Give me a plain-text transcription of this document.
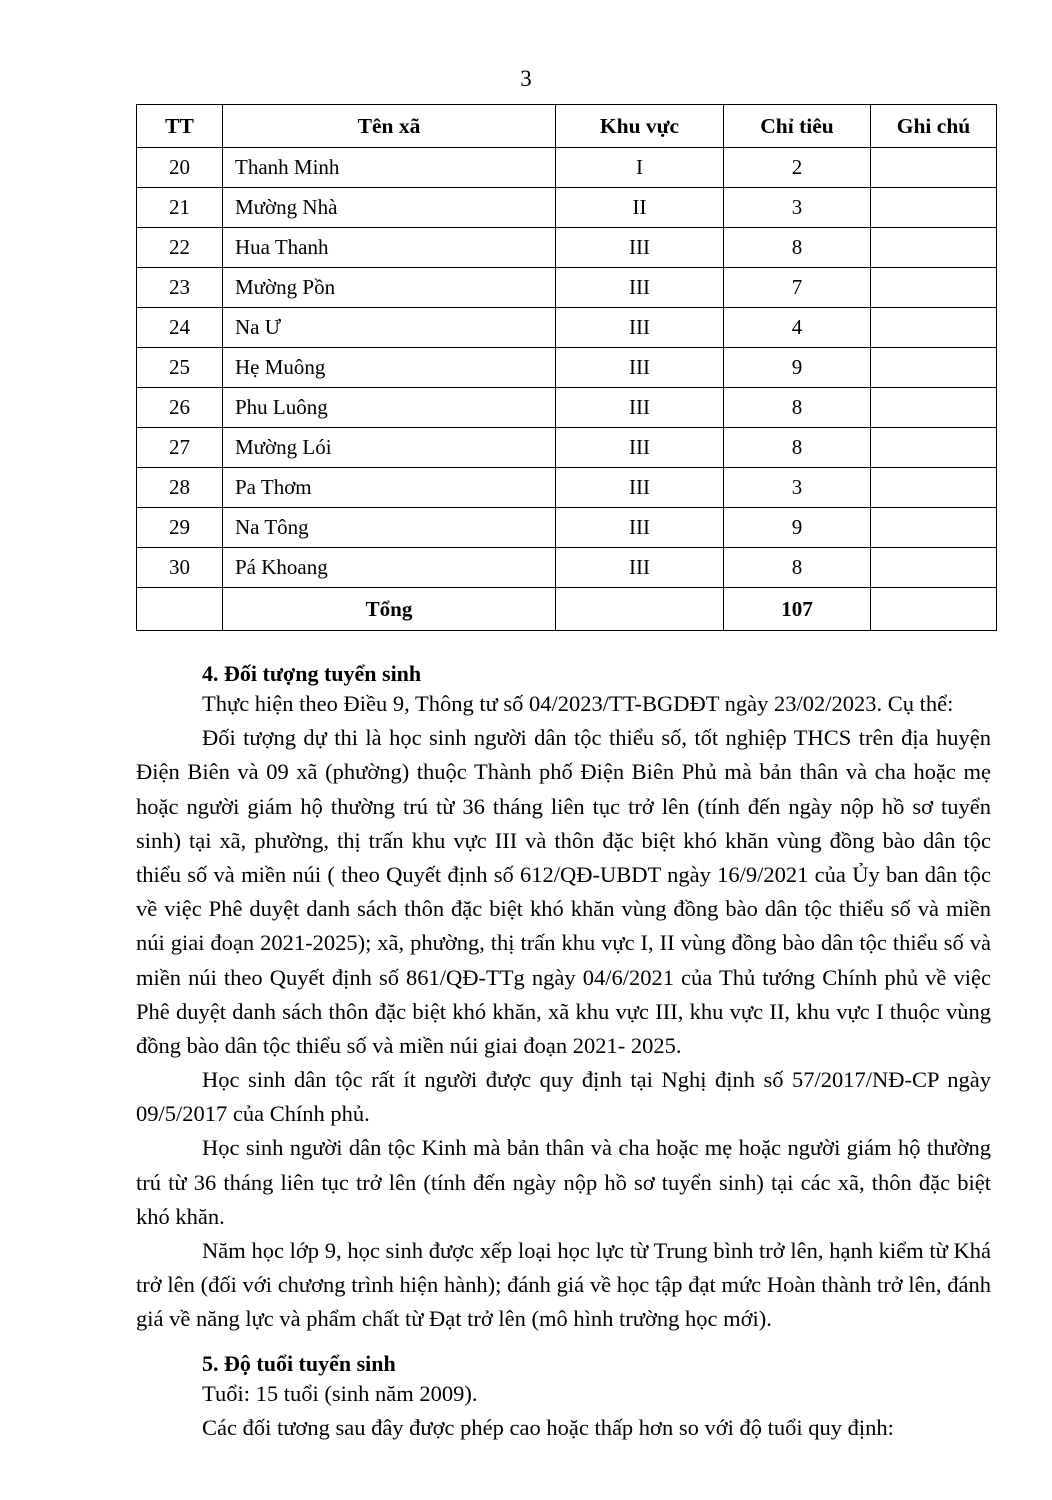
3
TT	Tên xã	Khu vực	Chỉ tiêu	Ghi chú
20	Thanh Minh	I	2	
21	Mường Nhà	II	3	
22	Hua Thanh	III	8	
23	Mường Pồn	III	7	
24	Na Ư	III	4	
25	Hẹ Muông	III	9	
26	Phu Luông	III	8	
27	Mường Lói	III	8	
28	Pa Thơm	III	3	
29	Na Tông	III	9	
30	Pá Khoang	III	8	
	Tổng		107	

4. Đối tượng tuyển sinh

Thực hiện theo Điều 9, Thông tư số 04/2023/TT-BGDĐT ngày 23/02/2023. Cụ thể:

Đối tượng dự thi là học sinh người dân tộc thiểu số, tốt nghiệp THCS trên địa huyện Điện Biên và 09 xã (phường) thuộc Thành phố Điện Biên Phủ mà bản thân và cha hoặc mẹ hoặc người giám hộ thường trú từ 36 tháng liên tục trở lên (tính đến ngày nộp hồ sơ tuyển sinh) tại xã, phường, thị trấn khu vực III và thôn đặc biệt khó khăn vùng đồng bào dân tộc thiểu số và miền núi ( theo Quyết định số 612/QĐ-UBDT ngày 16/9/2021 của Ủy ban dân tộc về việc Phê duyệt danh sách thôn đặc biệt khó khăn vùng đồng bào dân tộc thiểu số và miền núi giai đoạn 2021-2025); xã, phường, thị trấn khu vực I, II vùng đồng bào dân tộc thiểu số và miền núi theo Quyết định số 861/QĐ-TTg ngày 04/6/2021 của Thủ tướng Chính phủ về việc Phê duyệt danh sách thôn đặc biệt khó khăn, xã khu vực III, khu vực II, khu vực I thuộc vùng đồng bào dân tộc thiểu số và miền núi giai đoạn 2021- 2025.

Học sinh dân tộc rất ít người được quy định tại Nghị định số 57/2017/NĐ-CP ngày 09/5/2017 của Chính phủ.

Học sinh người dân tộc Kinh mà bản thân và cha hoặc mẹ hoặc người giám hộ thường trú từ 36 tháng liên tục trở lên (tính đến ngày nộp hồ sơ tuyển sinh) tại các xã, thôn đặc biệt khó khăn.

Năm học lớp 9, học sinh được xếp loại học lực từ Trung bình trở lên, hạnh kiểm từ Khá trở lên (đối với chương trình hiện hành); đánh giá về học tập đạt mức Hoàn thành trở lên, đánh giá về năng lực và phẩm chất từ Đạt trở lên (mô hình trường học mới).

5. Độ tuổi tuyển sinh

Tuổi: 15 tuổi (sinh năm 2009).

Các đối tương sau đây được phép cao hoặc thấp hơn so với độ tuổi quy định:
